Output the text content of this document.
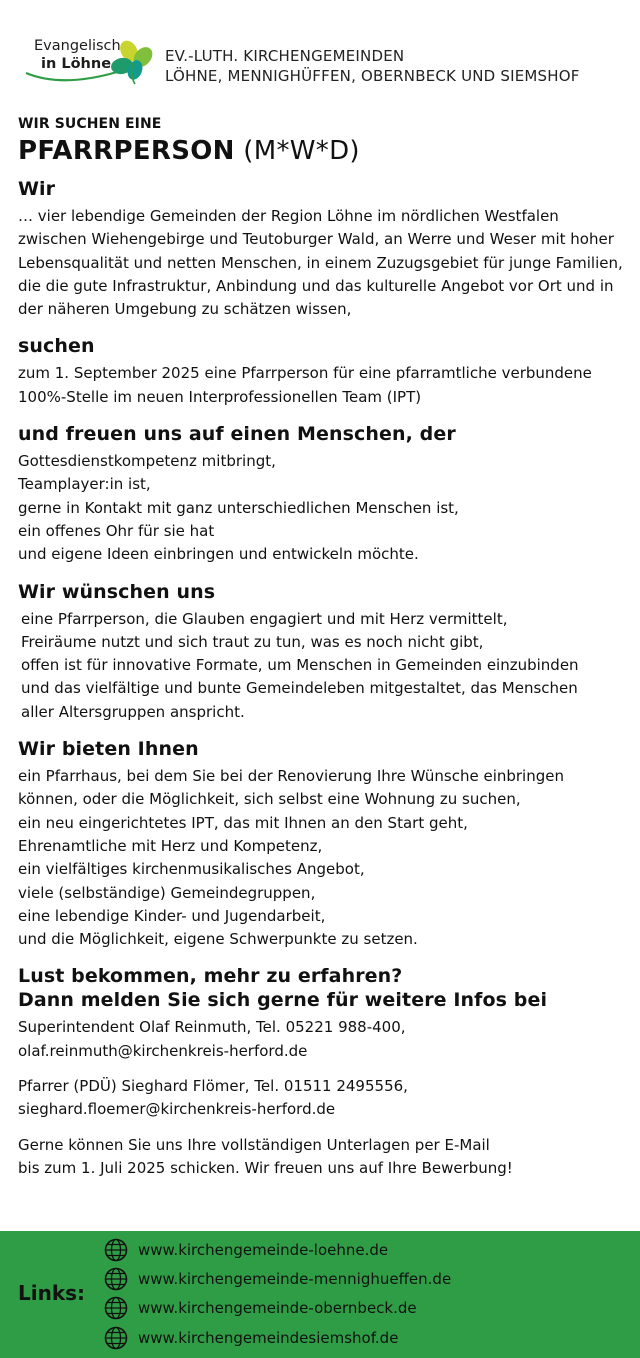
Evangelisch
in Löhne	EV.-LUTH. KIRCHENGEMEINDEN
LÖHNE, MENNIGHÜFFEN, OBERNBECK UND SIEMSHOF
WIR SUCHEN EINE
PFARRPERSON (M*W*D)
Wir

… vier lebendige Gemeinden der Region Löhne im nördlichen Westfalen zwischen Wiehengebirge und Teutoburger Wald, an Werre und Weser mit hoher Lebensqualität und netten Menschen, in einem Zuzugsgebiet für junge Familien, die die gute Infrastruktur, Anbindung und das kulturelle Angebot vor Ort und in der näheren Umgebung zu schätzen wissen,

suchen

zum 1. September 2025 eine Pfarrperson für eine pfarramtliche verbundene 100%-Stelle im neuen Interprofessionellen Team (IPT)

und freuen uns auf einen Menschen, der
Gottesdienstkompetenz mitbringt,
Teamplayer:in ist,
gerne in Kontakt mit ganz unterschiedlichen Menschen ist,
ein offenes Ohr für sie hat
und eigene Ideen einbringen und entwickeln möchte.
Wir wünschen uns
eine Pfarrperson, die Glauben engagiert und mit Herz vermittelt,
Freiräume nutzt und sich traut zu tun, was es noch nicht gibt,
offen ist für innovative Formate, um Menschen in Gemeinden einzubinden
und das vielfältige und bunte Gemeindeleben mitgestaltet, das Menschen
aller Altersgruppen anspricht.
Wir bieten Ihnen
ein Pfarrhaus, bei dem Sie bei der Renovierung Ihre Wünsche einbringen
können, oder die Möglichkeit, sich selbst eine Wohnung zu suchen,
ein neu eingerichtetes IPT, das mit Ihnen an den Start geht,
Ehrenamtliche mit Herz und Kompetenz,
ein vielfältiges kirchenmusikalisches Angebot,
viele (selbständige) Gemeindegruppen,
eine lebendige Kinder- und Jugendarbeit,
und die Möglichkeit, eigene Schwerpunkte zu setzen.
Lust bekommen, mehr zu erfahren?
Dann melden Sie sich gerne für weitere Infos bei
Superintendent Olaf Reinmuth, Tel. 05221 988-400,
olaf.reinmuth@kirchenkreis-herford.de
Pfarrer (PDÜ) Sieghard Flömer, Tel. 01511 2495556,
sieghard.floemer@kirchenkreis-herford.de
Gerne können Sie uns Ihre vollständigen Unterlagen per E-Mail
bis zum 1. Juli 2025 schicken. Wir freuen uns auf Ihre Bewerbung!
Links:
www.kirchengemeinde-loehne.de
www.kirchengemeinde-mennighueffen.de
www.kirchengemeinde-obernbeck.de
www.kirchengemeindesiemshof.de
